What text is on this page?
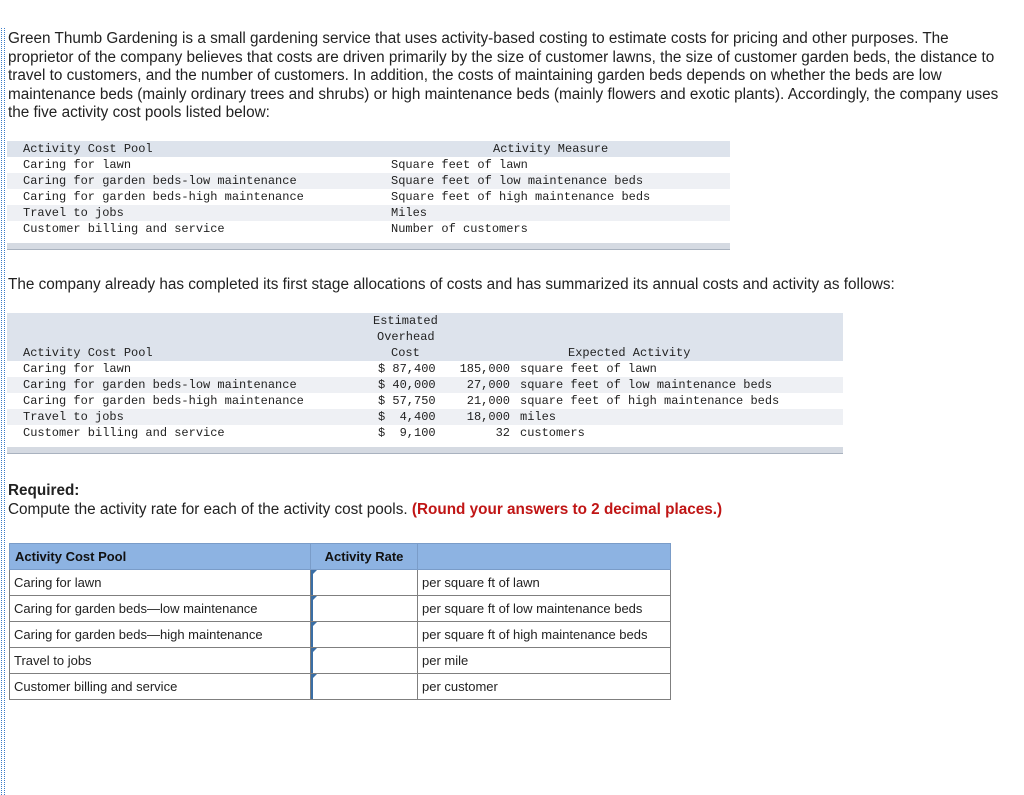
Green Thumb Gardening is a small gardening service that uses activity-based costing to estimate costs for pricing and other purposes. The proprietor of the company believes that costs are driven primarily by the size of customer lawns, the size of customer garden beds, the distance to travel to customers, and the number of customers. In addition, the costs of maintaining garden beds depends on whether the beds are low maintenance beds (mainly ordinary trees and shrubs) or high maintenance beds (mainly flowers and exotic plants). Accordingly, the company uses the five activity cost pools listed below:
Activity Cost Pool	Activity Measure
Caring for lawn	Square feet of lawn
Caring for garden beds-low maintenance	Square feet of low maintenance beds
Caring for garden beds-high maintenance	Square feet of high maintenance beds
Travel to jobs	Miles
Customer billing and service	Number of customers
The company already has completed its first stage allocations of costs and has summarized its annual costs and activity as follows:
Estimated
Overhead
Activity Cost Pool	Cost	Expected Activity
Caring for lawn	$ 87,400 185,000 square feet of lawn
Caring for garden beds-low maintenance	$ 40,000	27,000 square feet of low maintenance beds
Caring for garden beds-high maintenance	$ 57,750	21,000 square feet of high maintenance beds
Travel to jobs	$  4,400	18,000 miles
Customer billing and service	$  9,100	32 customers
Required:
Compute the activity rate for each of the activity cost pools. (Round your answers to 2 decimal places.)
Activity Cost Pool	Activity Rate	
Caring for lawn		per square ft of lawn
Caring for garden beds—low maintenance		per square ft of low maintenance beds
Caring for garden beds—high maintenance		per square ft of high maintenance beds
Travel to jobs		per mile
Customer billing and service		per customer
